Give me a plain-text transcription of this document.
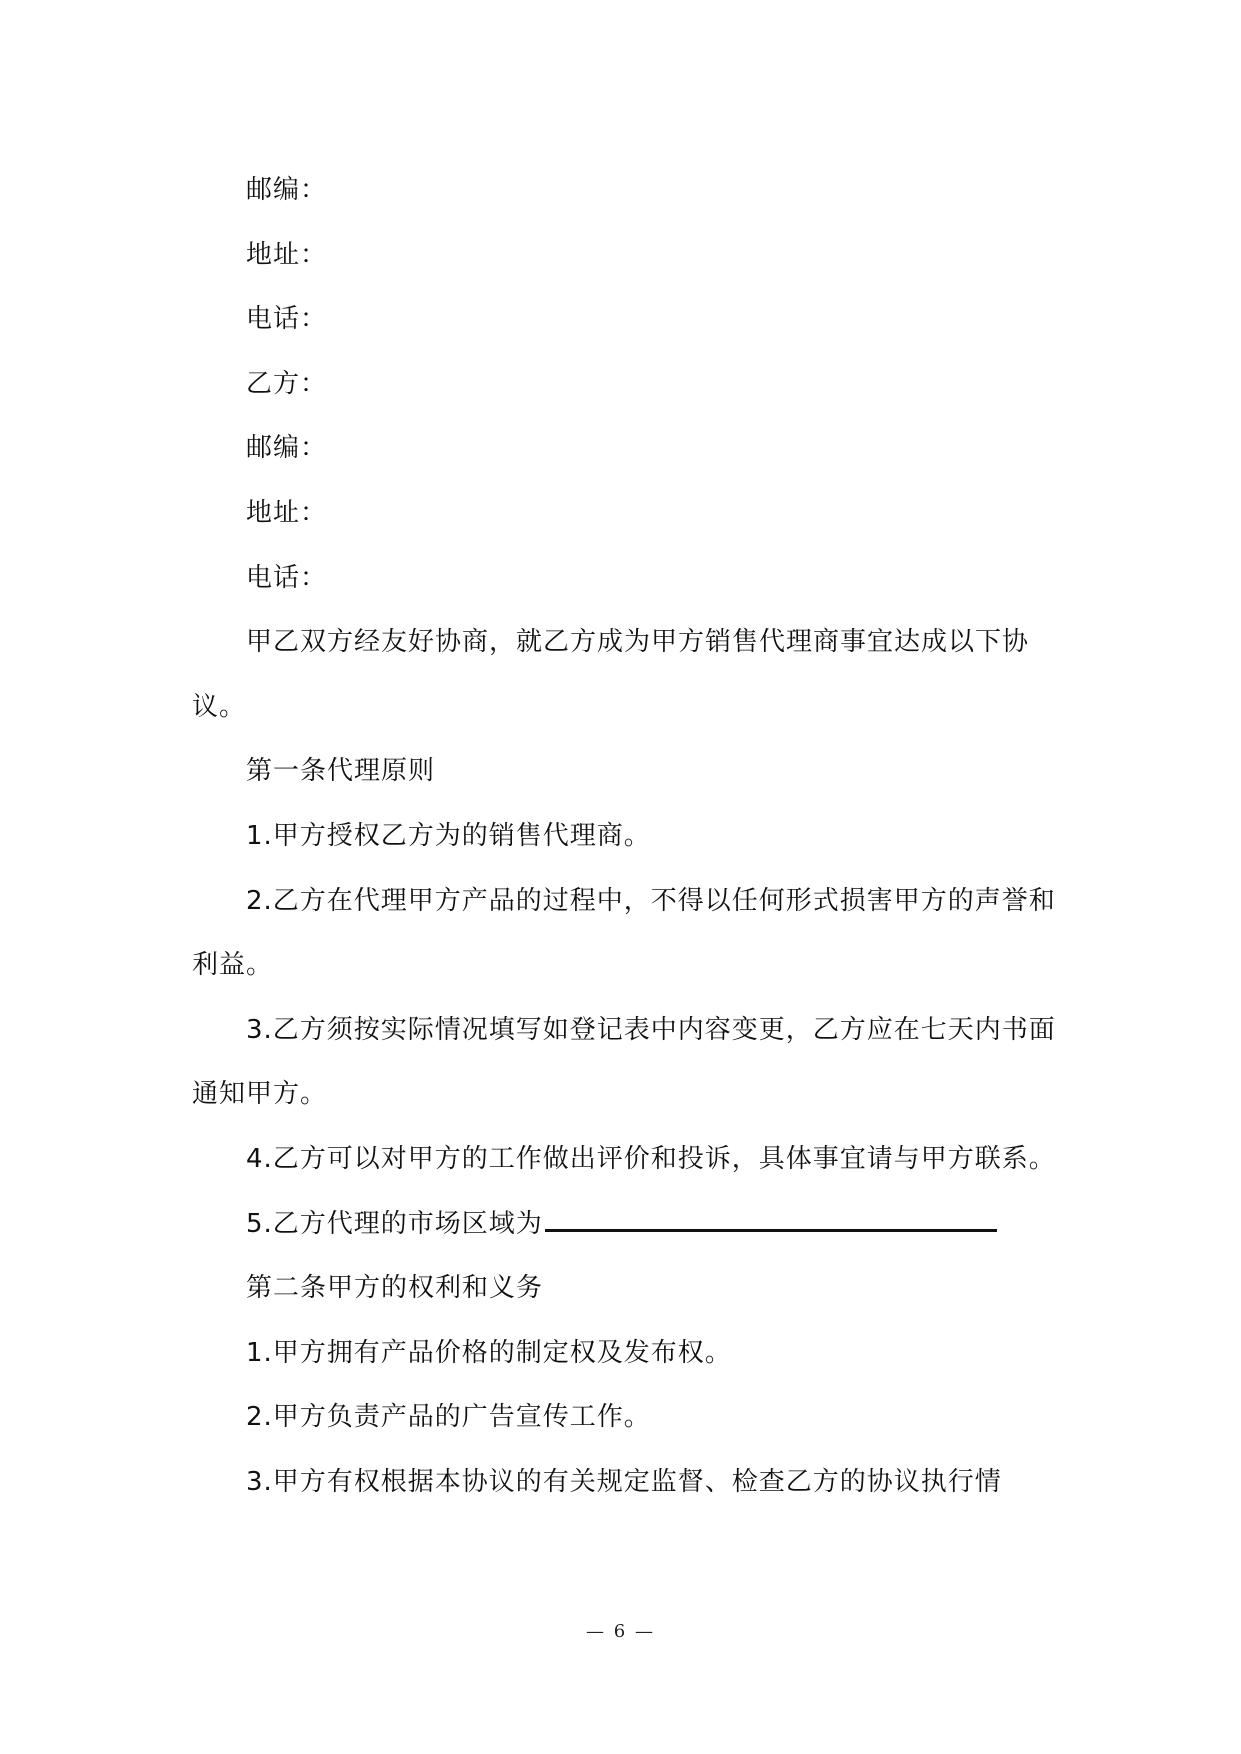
邮编：

地址：

电话：

乙方：

邮编：

地址：

电话：

甲乙双方经友好协商，就乙方成为甲方销售代理商事宜达成以下协议。

第一条代理原则

1.甲方授权乙方为的销售代理商。

2.乙方在代理甲方产品的过程中，不得以任何形式损害甲方的声誉和利益。

3.乙方须按实际情况填写如登记表中内容变更，乙方应在七天内书面通知甲方。

4.乙方可以对甲方的工作做出评价和投诉，具体事宜请与甲方联系。

5.乙方代理的市场区域为

第二条甲方的权利和义务

1.甲方拥有产品价格的制定权及发布权。

2.甲方负责产品的广告宣传工作。

3.甲方有权根据本协议的有关规定监督、检查乙方的协议执行情

— 6 —
